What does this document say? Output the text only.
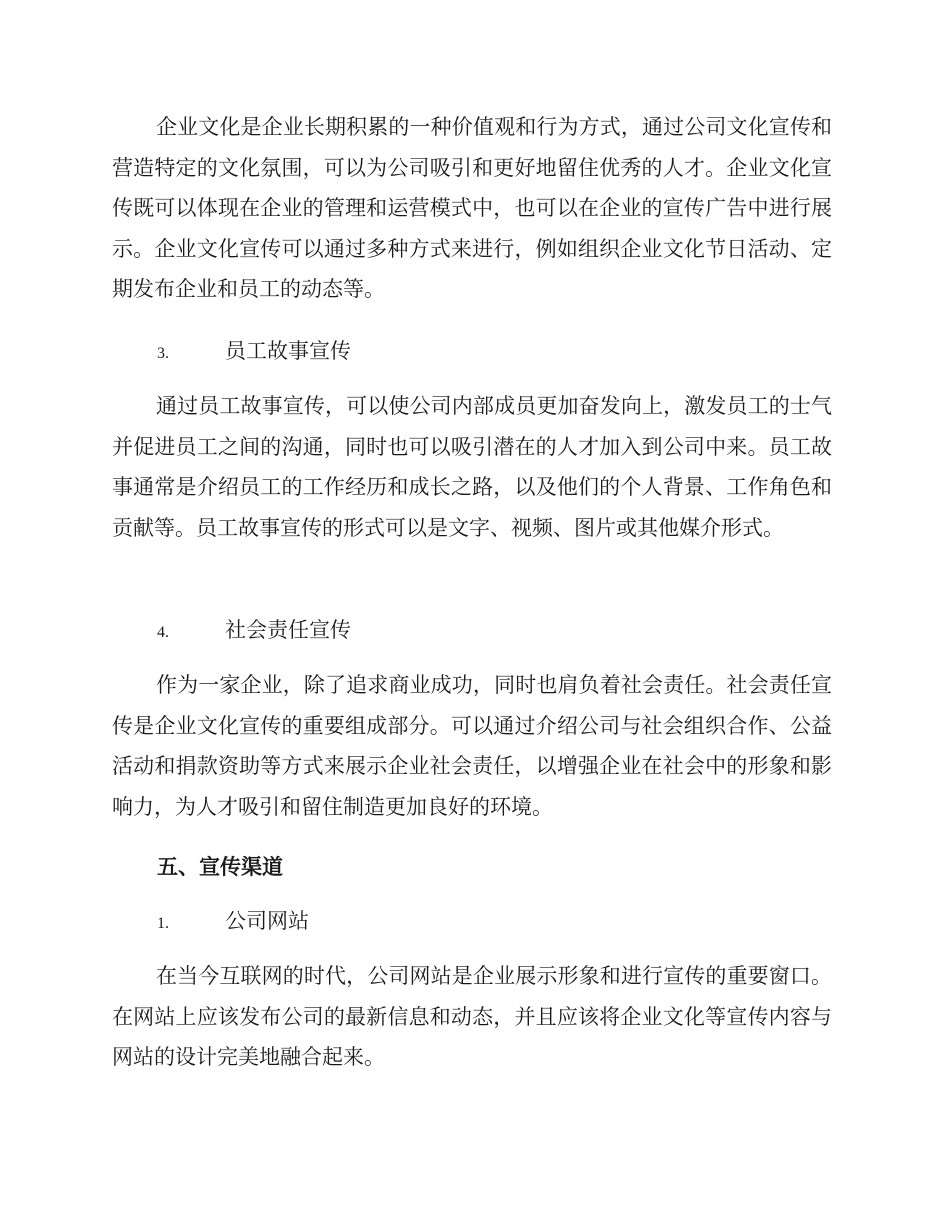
企业文化是企业长期积累的一种价值观和行为方式，通过公司文化宣传和营造特定的文化氛围，可以为公司吸引和更好地留住优秀的人才。企业文化宣传既可以体现在企业的管理和运营模式中，也可以在企业的宣传广告中进行展示。企业文化宣传可以通过多种方式来进行，例如组织企业文化节日活动、定期发布企业和员工的动态等。

3.	员工故事宣传

通过员工故事宣传，可以使公司内部成员更加奋发向上，激发员工的士气并促进员工之间的沟通，同时也可以吸引潜在的人才加入到公司中来。员工故事通常是介绍员工的工作经历和成长之路，以及他们的个人背景、工作角色和贡献等。员工故事宣传的形式可以是文字、视频、图片或其他媒介形式。

4.	社会责任宣传

作为一家企业，除了追求商业成功，同时也肩负着社会责任。社会责任宣传是企业文化宣传的重要组成部分。可以通过介绍公司与社会组织合作、公益活动和捐款资助等方式来展示企业社会责任，以增强企业在社会中的形象和影响力，为人才吸引和留住制造更加良好的环境。

五、宣传渠道
1.	公司网站

在当今互联网的时代，公司网站是企业展示形象和进行宣传的重要窗口。在网站上应该发布公司的最新信息和动态，并且应该将企业文化等宣传内容与网站的设计完美地融合起来。
